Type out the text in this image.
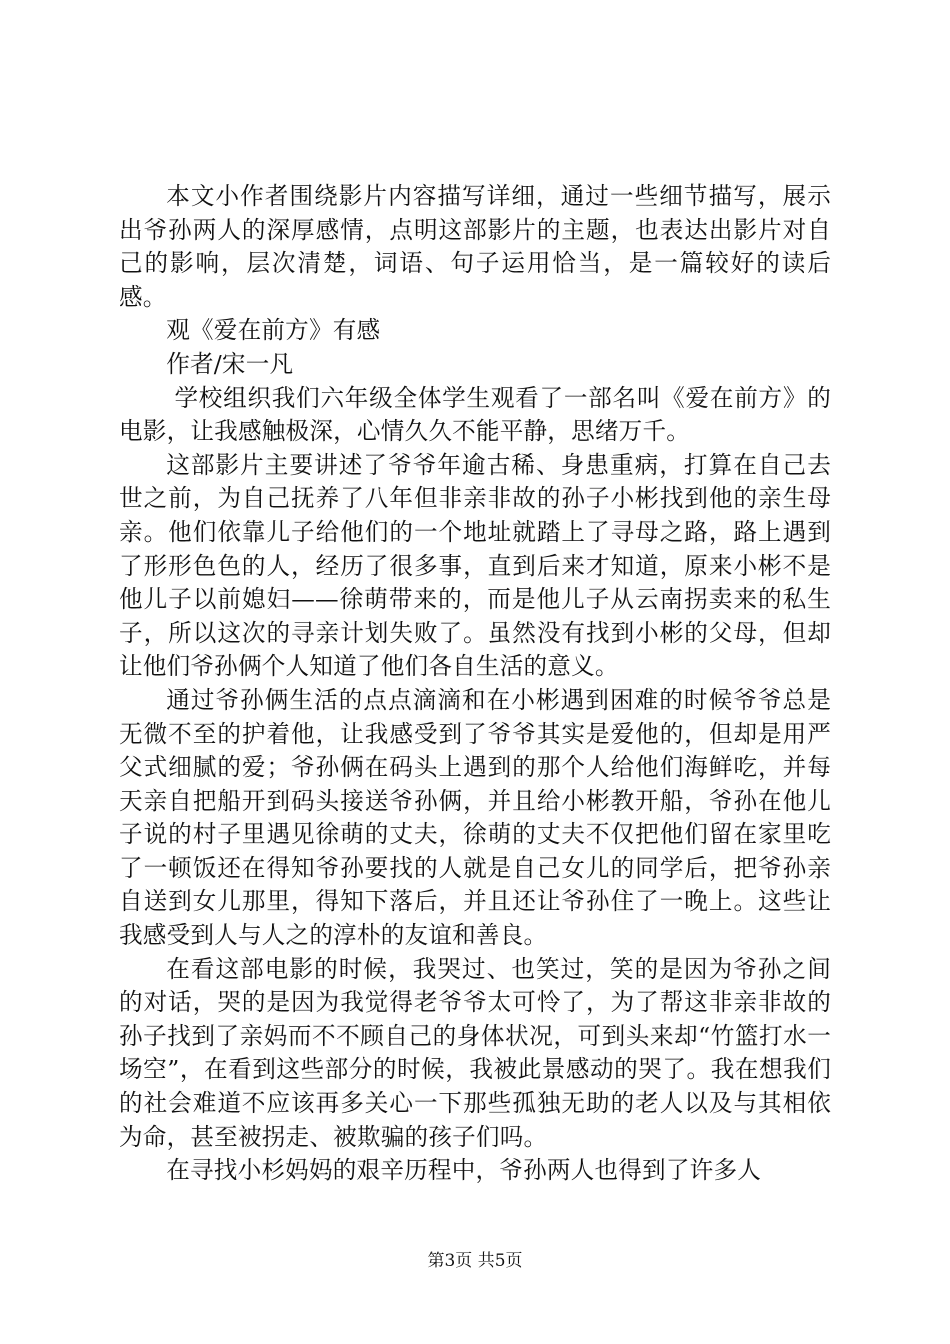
本文小作者围绕影片内容描写详细，通过一些细节描写，展示出爷孙两人的深厚感情，点明这部影片的主题，也表达出影片对自己的影响，层次清楚，词语、句子运用恰当，是一篇较好的读后感。

观《爱在前方》有感

作者/宋一凡

学校组织我们六年级全体学生观看了一部名叫《爱在前方》的电影，让我感触极深，心情久久不能平静，思绪万千。

这部影片主要讲述了爷爷年逾古稀、身患重病，打算在自己去世之前，为自己抚养了八年但非亲非故的孙子小彬找到他的亲生母亲。他们依靠儿子给他们的一个地址就踏上了寻母之路，路上遇到了形形色色的人，经历了很多事，直到后来才知道，原来小彬不是他儿子以前媳妇——徐萌带来的，而是他儿子从云南拐卖来的私生子，所以这次的寻亲计划失败了。虽然没有找到小彬的父母，但却让他们爷孙俩个人知道了他们各自生活的意义。

通过爷孙俩生活的点点滴滴和在小彬遇到困难的时候爷爷总是无微不至的护着他，让我感受到了爷爷其实是爱他的，但却是用严父式细腻的爱；爷孙俩在码头上遇到的那个人给他们海鲜吃，并每天亲自把船开到码头接送爷孙俩，并且给小彬教开船，爷孙在他儿子说的村子里遇见徐萌的丈夫，徐萌的丈夫不仅把他们留在家里吃了一顿饭还在得知爷孙要找的人就是自己女儿的同学后，把爷孙亲自送到女儿那里，得知下落后，并且还让爷孙住了一晚上。这些让我感受到人与人之的淳朴的友谊和善良。

在看这部电影的时候，我哭过、也笑过，笑的是因为爷孙之间的对话，哭的是因为我觉得老爷爷太可怜了，为了帮这非亲非故的孙子找到了亲妈而不不顾自己的身体状况，可到头来却“竹篮打水一场空”，在看到这些部分的时候，我被此景感动的哭了。我在想我们的社会难道不应该再多关心一下那些孤独无助的老人以及与其相依为命，甚至被拐走、被欺骗的孩子们吗。

在寻找小杉妈妈的艰辛历程中，爷孙两人也得到了许多人

第3页 共5页
